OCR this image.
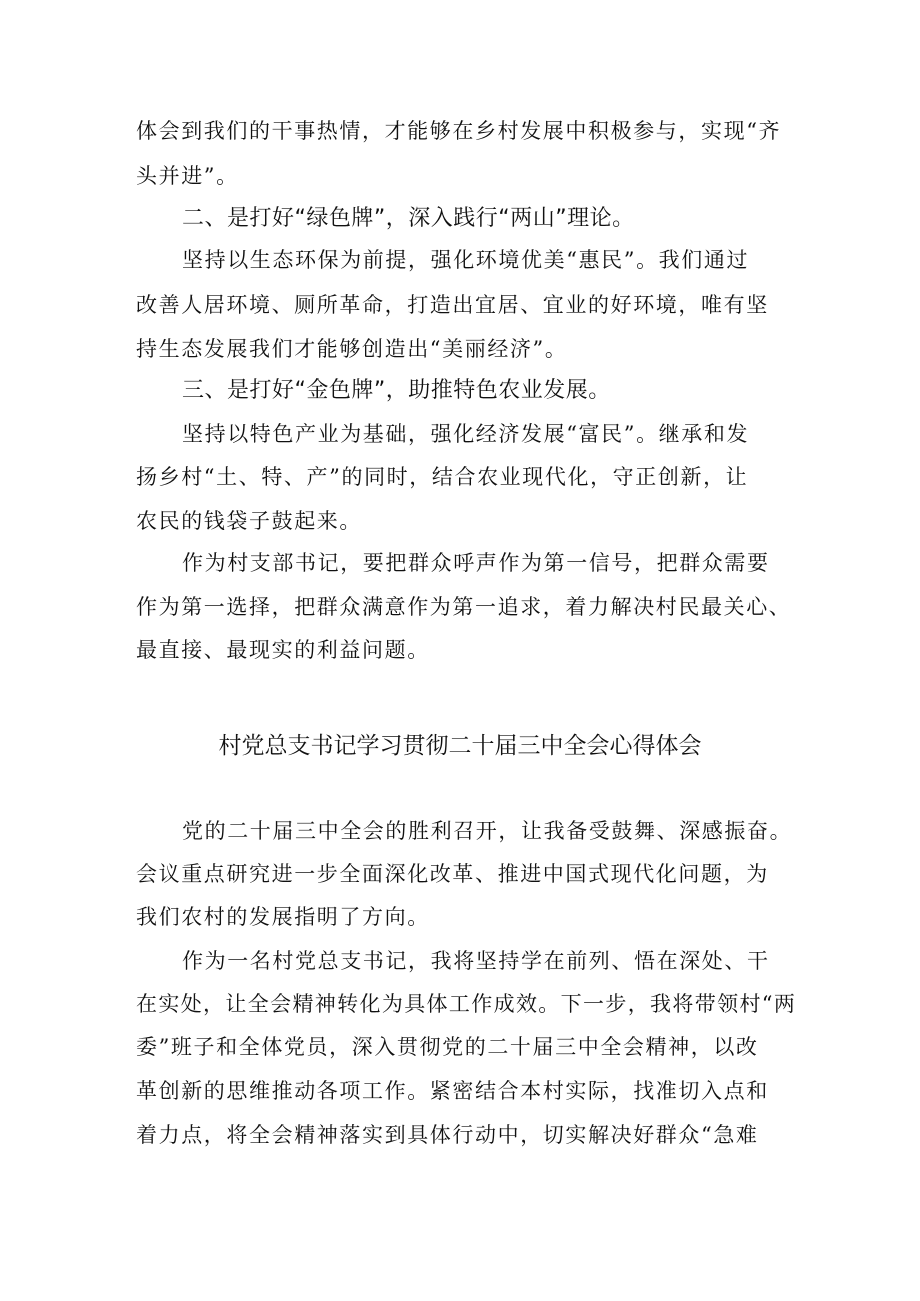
体会到我们的干事热情，才能够在乡村发展中积极参与，实现“齐
头并进”。
二、是打好“绿色牌”，深入践行“两山”理论。
坚持以生态环保为前提，强化环境优美“惠民”。我们通过
改善人居环境、厕所革命，打造出宜居、宜业的好环境，唯有坚
持生态发展我们才能够创造出“美丽经济”。
三、是打好“金色牌”，助推特色农业发展。
坚持以特色产业为基础，强化经济发展“富民”。继承和发
扬乡村“土、特、产”的同时，结合农业现代化，守正创新，让
农民的钱袋子鼓起来。
作为村支部书记，要把群众呼声作为第一信号，把群众需要
作为第一选择，把群众满意作为第一追求，着力解决村民最关心、
最直接、最现实的利益问题。
村党总支书记学习贯彻二十届三中全会心得体会
党的二十届三中全会的胜利召开，让我备受鼓舞、深感振奋。
会议重点研究进一步全面深化改革、推进中国式现代化问题，为
我们农村的发展指明了方向。
作为一名村党总支书记，我将坚持学在前列、悟在深处、干
在实处，让全会精神转化为具体工作成效。下一步，我将带领村“两
委”班子和全体党员，深入贯彻党的二十届三中全会精神，以改
革创新的思维推动各项工作。紧密结合本村实际，找准切入点和
着力点，将全会精神落实到具体行动中，切实解决好群众“急难
